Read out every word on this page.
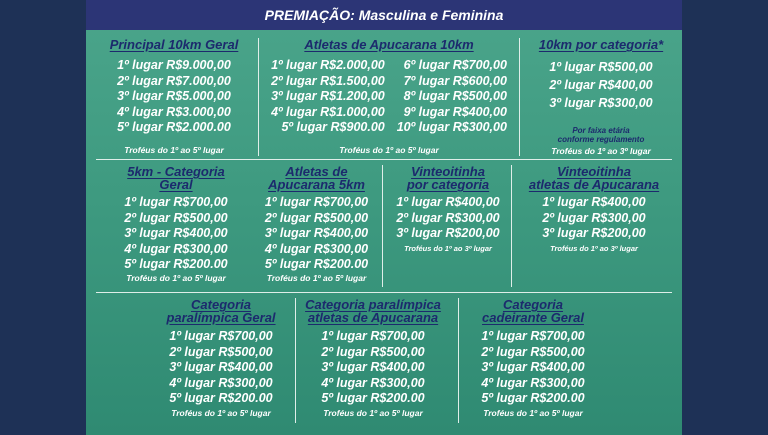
PREMIAÇÃO: Masculina e Feminina
Principal 10km Geral
1º lugar R$9.000,00
2º lugar R$7.000,00
3º lugar R$5.000,00
4º lugar R$3.000,00
5º lugar R$2.000.00
Troféus do 1º ao 5º lugar
Atletas de Apucarana 10km
1º lugar R$2.000,00
2º lugar R$1.500,00
3º lugar R$1.200,00
4º lugar R$1.000,00
5º lugar R$900.00
6º lugar R$700,00
7º lugar R$600,00
8º lugar R$500,00
9º lugar R$400,00
10º lugar R$300,00
Troféus do 1º ao 5º lugar
10km por categoria*
1º lugar R$500,00
2º lugar R$400,00
3º lugar R$300,00
Por faixa etária
conforme regulamento
Troféus do 1º ao 3º lugar
5km - Categoria
Geral
1º lugar R$700,00
2º lugar R$500,00
3º lugar R$400,00
4º lugar R$300,00
5º lugar R$200.00
Troféus do 1º ao 5º lugar
Atletas de
Apucarana 5km
1º lugar R$700,00
2º lugar R$500,00
3º lugar R$400,00
4º lugar R$300,00
5º lugar R$200.00
Troféus do 1º ao 5º lugar
Vinteoitinha
por categoria
1º lugar R$400,00
2º lugar R$300,00
3º lugar R$200,00
Troféus do 1º ao 3º lugar
Vinteoitinha
atletas de Apucarana
1º lugar R$400,00
2º lugar R$300,00
3º lugar R$200,00
Troféus do 1º ao 3º lugar
Categoria
paralímpica Geral
1º lugar R$700,00
2º lugar R$500,00
3º lugar R$400,00
4º lugar R$300,00
5º lugar R$200.00
Troféus do 1º ao 5º lugar
Categoria paralímpica
atletas de Apucarana
1º lugar R$700,00
2º lugar R$500,00
3º lugar R$400,00
4º lugar R$300,00
5º lugar R$200.00
Troféus do 1º ao 5º lugar
Categoria
cadeirante Geral
1º lugar R$700,00
2º lugar R$500,00
3º lugar R$400,00
4º lugar R$300,00
5º lugar R$200.00
Troféus do 1º ao 5º lugar
